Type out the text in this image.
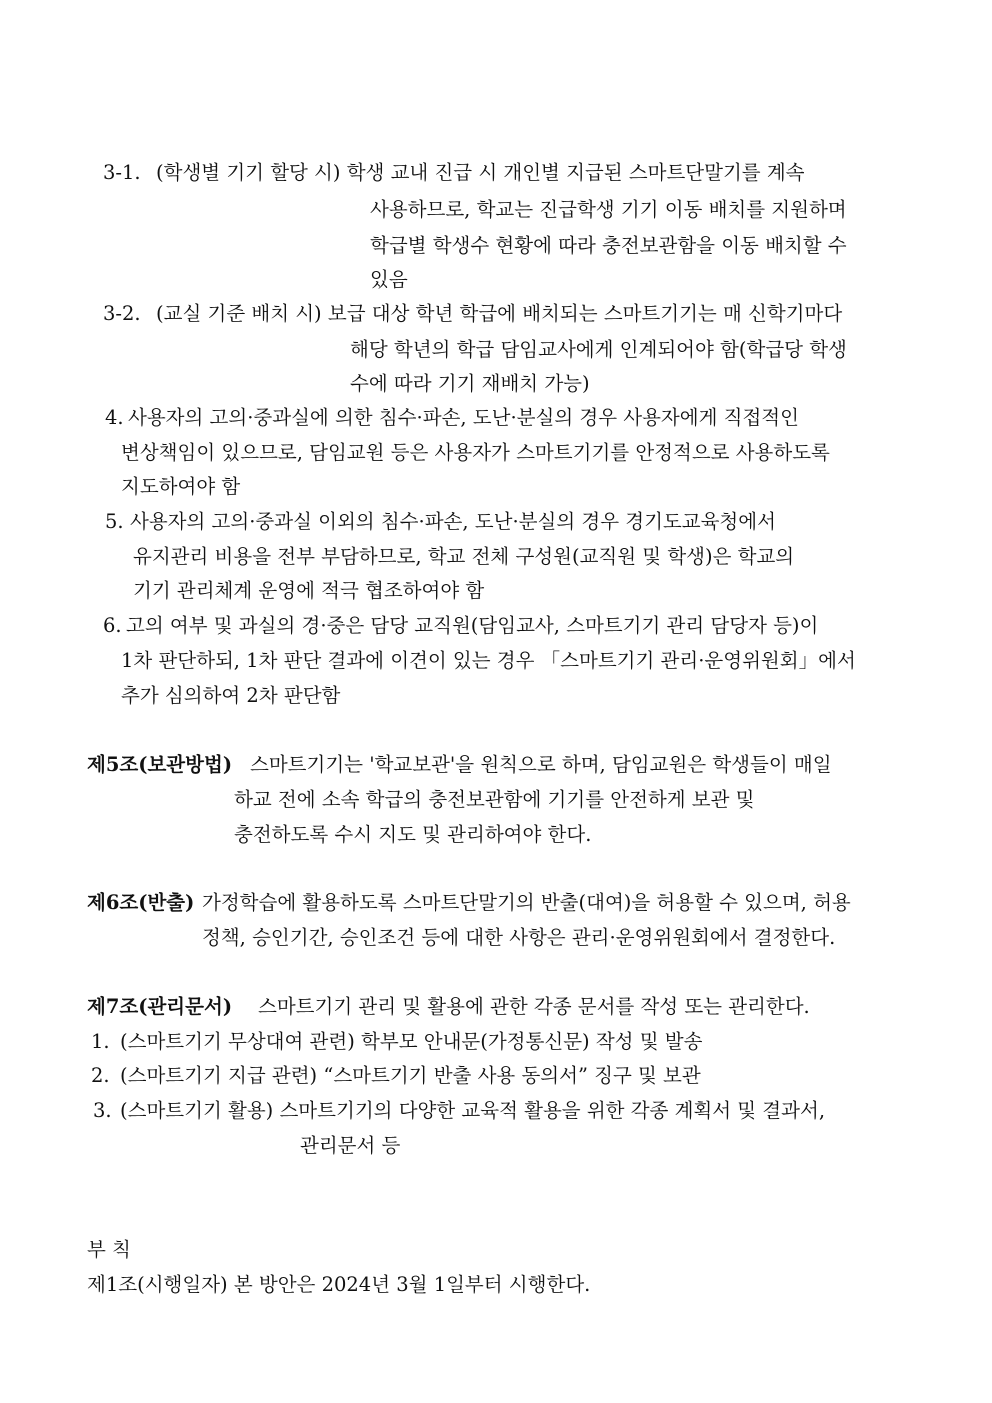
3-1. (학생별 기기 할당 시) 학생 교내 진급 시 개인별 지급된 스마트단말기를 계속
사용하므로, 학교는 진급학생 기기 이동 배치를 지원하며
학급별 학생수 현황에 따라 충전보관함을 이동 배치할 수
있음
3-2. (교실 기준 배치 시) 보급 대상 학년 학급에 배치되는 스마트기기는 매 신학기마다
해당 학년의 학급 담임교사에게 인계되어야 함(학급당 학생
수에 따라 기기 재배치 가능)
4. 사용자의 고의·중과실에 의한 침수·파손, 도난·분실의 경우 사용자에게 직접적인
변상책임이 있으므로, 담임교원 등은 사용자가 스마트기기를 안정적으로 사용하도록
지도하여야 함
5. 사용자의 고의·중과실 이외의 침수·파손, 도난·분실의 경우 경기도교육청에서
유지관리 비용을 전부 부담하므로, 학교 전체 구성원(교직원 및 학생)은 학교의
기기 관리체계 운영에 적극 협조하여야 함
6. 고의 여부 및 과실의 경·중은 담당 교직원(담임교사, 스마트기기 관리 담당자 등)이
1차 판단하되, 1차 판단 결과에 이견이 있는 경우 「스마트기기 관리·운영위원회」에서
추가 심의하여 2차 판단함
제5조(보관방법) 스마트기기는 '학교보관'을 원칙으로 하며, 담임교원은 학생들이 매일
하교 전에 소속 학급의 충전보관함에 기기를 안전하게 보관 및
충전하도록 수시 지도 및 관리하여야 한다.
제6조(반출) 가정학습에 활용하도록 스마트단말기의 반출(대여)을 허용할 수 있으며, 허용
정책, 승인기간, 승인조건 등에 대한 사항은 관리·운영위원회에서 결정한다.
제7조(관리문서) 스마트기기 관리 및 활용에 관한 각종 문서를 작성 또는 관리한다.
1. (스마트기기 무상대여 관련) 학부모 안내문(가정통신문) 작성 및 발송
2. (스마트기기 지급 관련) “스마트기기 반출 사용 동의서” 징구 및 보관
3. (스마트기기 활용) 스마트기기의 다양한 교육적 활용을 위한 각종 계획서 및 결과서,
관리문서 등
부 칙
제1조(시행일자) 본 방안은 2024년 3월 1일부터 시행한다.
